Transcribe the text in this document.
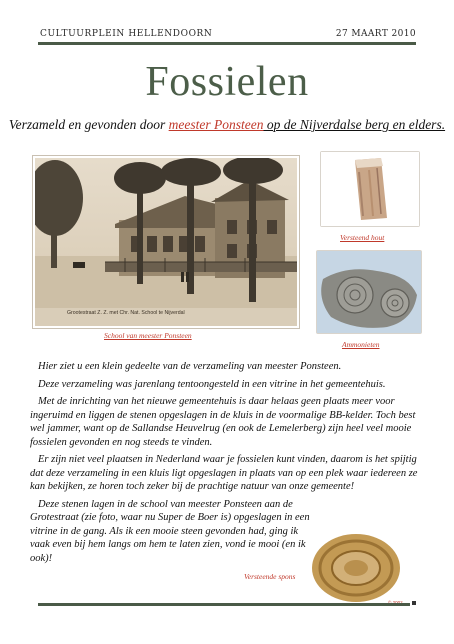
CULTUURPLEIN HELLENDOORN	27 MAART 2010
Fossielen
Verzameld en gevonden door meester Ponsteen op de Nijverdalse berg en elders.
Grootestraat Z. Z. met Chr. Nat. School te Nijverdal
School van meester Ponsteen
Versteend hout
Ammonieten

Hier ziet u een klein gedeelte van de verzameling van meester Ponsteen.

Deze verzameling was jarenlang tentoongesteld in een vitrine in het gemeentehuis.

Met de inrichting van het nieuwe gemeentehuis is daar helaas geen plaats meer voor ingeruimd en liggen de stenen opgeslagen in de kluis in de voormalige BB-kelder. Toch best wel jammer, want op de Sallandse Heuvelrug (en ook de Lemelerberg) zijn heel veel mooie fossielen gevonden en nog steeds te vinden.

Er zijn niet veel plaatsen in Nederland waar je fossielen kunt vinden, daarom is het spijtig dat deze verzameling in een kluis ligt opgeslagen in plaats van op een plek waar iedereen ze kan bekijken, ze horen toch zeker bij de prachtige natuur van onze gemeente!

Deze stenen lagen in de school van meester Ponsteen aan de Grotestraat (zie foto, waar nu Super de Boer is) opgeslagen in een vitrine in de gang. Als ik een mooie steen gevonden had, ging ik vaak even bij hem langs om hem te laten zien, vond ie mooi (en ik ook)!

Versteende spons
